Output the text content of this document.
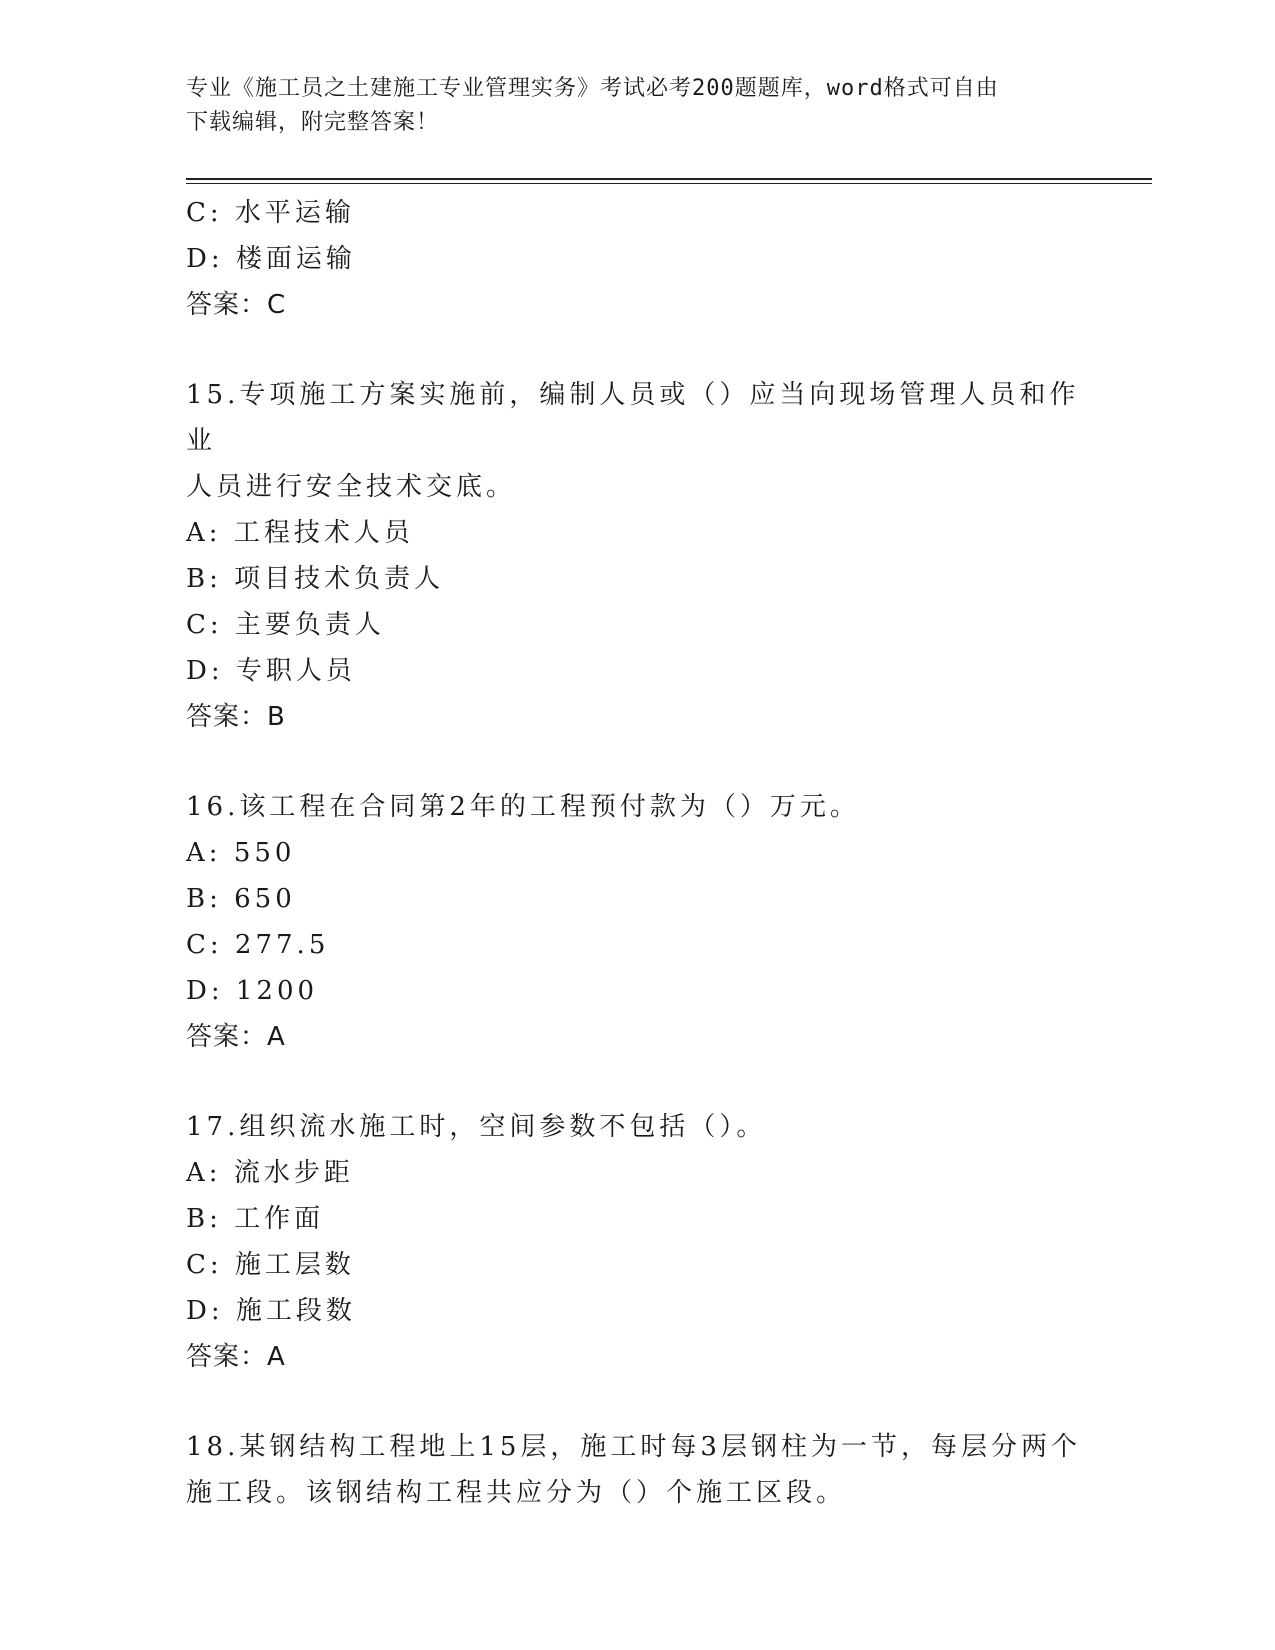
专业《施工员之土建施工专业管理实务》考试必考200题题库，word格式可自由
下载编辑，附完整答案！
C: 水平运输
D: 楼面运输
答案：C
15.专项施工方案实施前，编制人员或（）应当向现场管理人员和作业
人员进行安全技术交底。
A: 工程技术人员
B: 项目技术负责人
C: 主要负责人
D: 专职人员
答案：B
16.该工程在合同第2年的工程预付款为（）万元。
A: 550
B: 650
C: 277.5
D: 1200
答案：A
17.组织流水施工时，空间参数不包括（）。
A: 流水步距
B: 工作面
C: 施工层数
D: 施工段数
答案：A
18.某钢结构工程地上15层，施工时每3层钢柱为一节，每层分两个
施工段。该钢结构工程共应分为（）个施工区段。
